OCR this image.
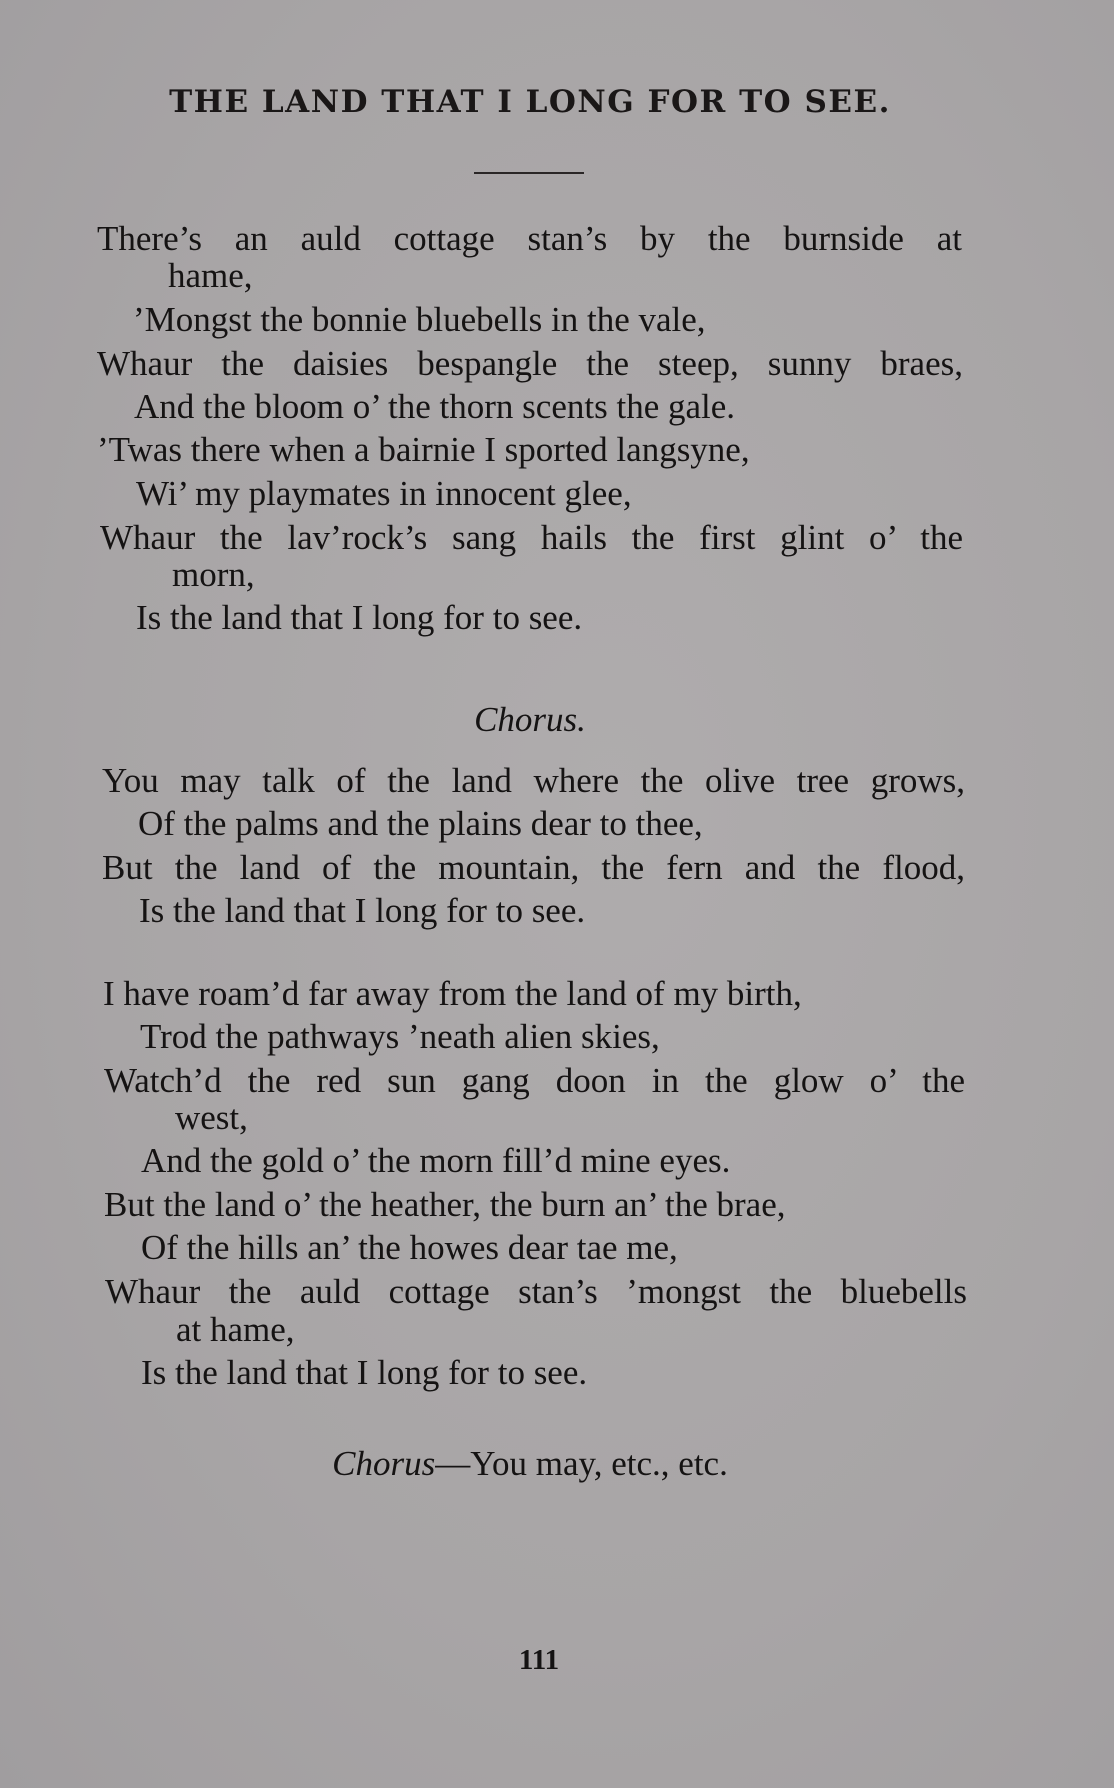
THE LAND THAT I LONG FOR TO SEE.
There’s an auld cottage stan’s by the burnside at
hame,
’Mongst the bonnie bluebells in the vale,
Whaur the daisies bespangle the steep, sunny braes,
And the bloom o’ the thorn scents the gale.
’Twas there when a bairnie I sported langsyne,
Wi’ my playmates in innocent glee,
Whaur the lav’rock’s sang hails the first glint o’ the
morn,
Is the land that I long for to see.
Chorus.
You may talk of the land where the olive tree grows,
Of the palms and the plains dear to thee,
But the land of the mountain, the fern and the flood,
Is the land that I long for to see.
I have roam’d far away from the land of my birth,
Trod the pathways ’neath alien skies,
Watch’d the red sun gang doon in the glow o’ the
west,
And the gold o’ the morn fill’d mine eyes.
But the land o’ the heather, the burn an’ the brae,
Of the hills an’ the howes dear tae me,
Whaur the auld cottage stan’s ’mongst the bluebells
at hame,
Is the land that I long for to see.
Chorus—You may, etc., etc.
111
